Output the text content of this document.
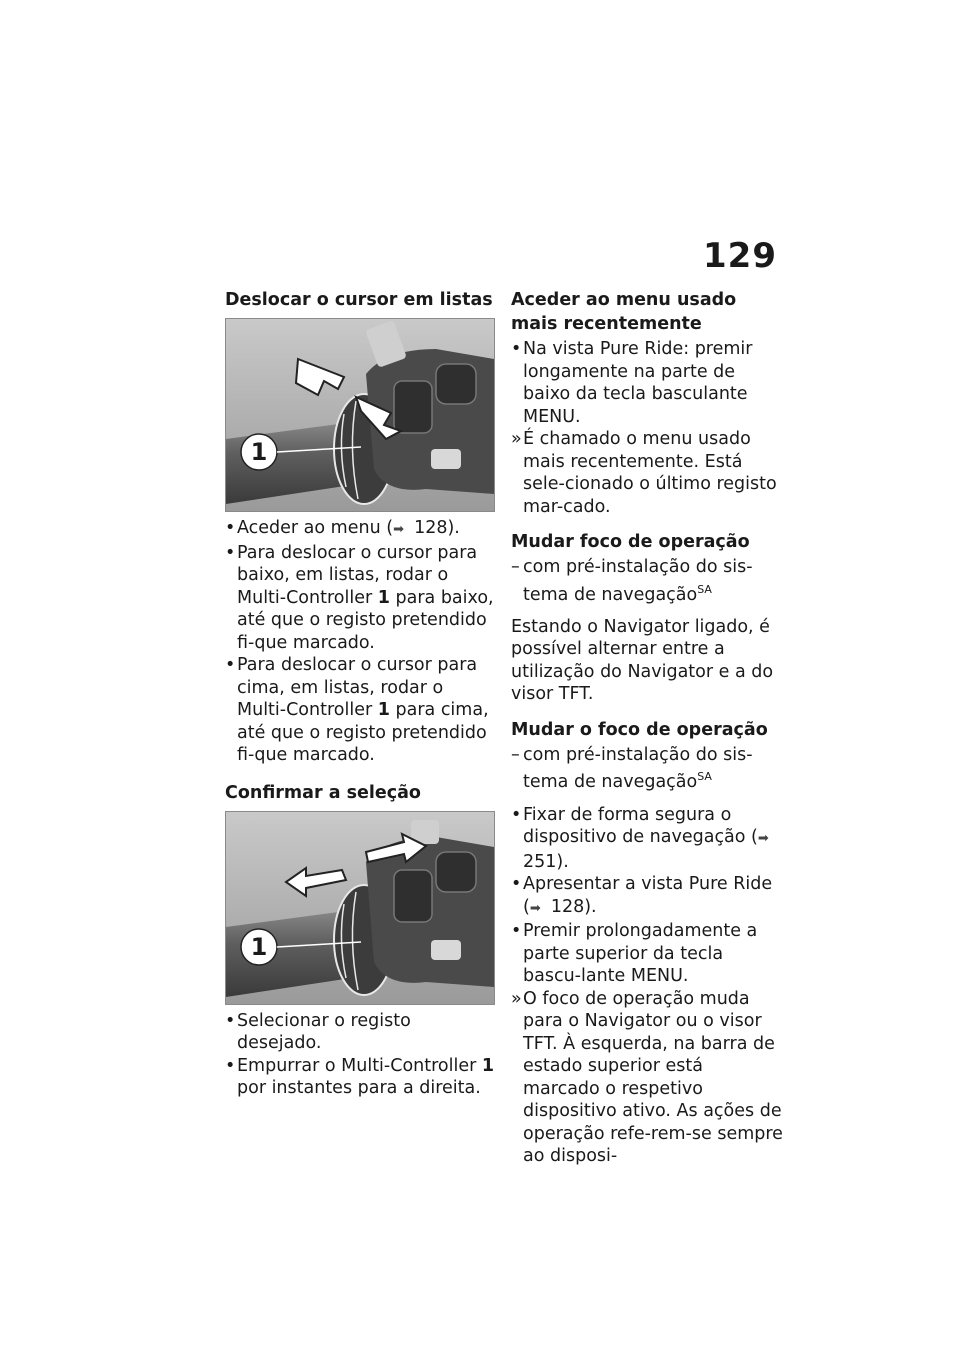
129
Deslocar o cursor em listas
1
• Aceder ao menu (➡ 128).
• Para deslocar o cursor para baixo, em listas, rodar o Multi-Controller 1 para baixo, até que o registo pretendido fi-que marcado.
• Para deslocar o cursor para cima, em listas, rodar o Multi-Controller 1 para cima, até que o registo pretendido fi-que marcado.
Confirmar a seleção
1
• Selecionar o registo desejado.
• Empurrar o Multi-Controller 1 por instantes para a direita.
Aceder ao menu usado mais recentemente
• Na vista Pure Ride: premir longamente na parte de baixo da tecla basculante MENU.
» É chamado o menu usado mais recentemente. Está sele-cionado o último registo mar-cado.
Mudar foco de operação
– com pré-instalação do sis-tema de navegação$^{SA}$
Estando o Navigator ligado, é possível alternar entre a utilização do Navigator e a do visor TFT.
Mudar o foco de operação
– com pré-instalação do sis-tema de navegação$^{SA}$
• Fixar de forma segura o dispositivo de navegação (➡251).
• Apresentar a vista Pure Ride (➡ 128).
• Premir prolongadamente a parte superior da tecla bascu-lante MENU.
» O foco de operação muda para o Navigator ou o visor TFT. À esquerda, na barra de estado superior está marcado o respetivo dispositivo ativo. As ações de operação refe-rem-se sempre ao disposi-
